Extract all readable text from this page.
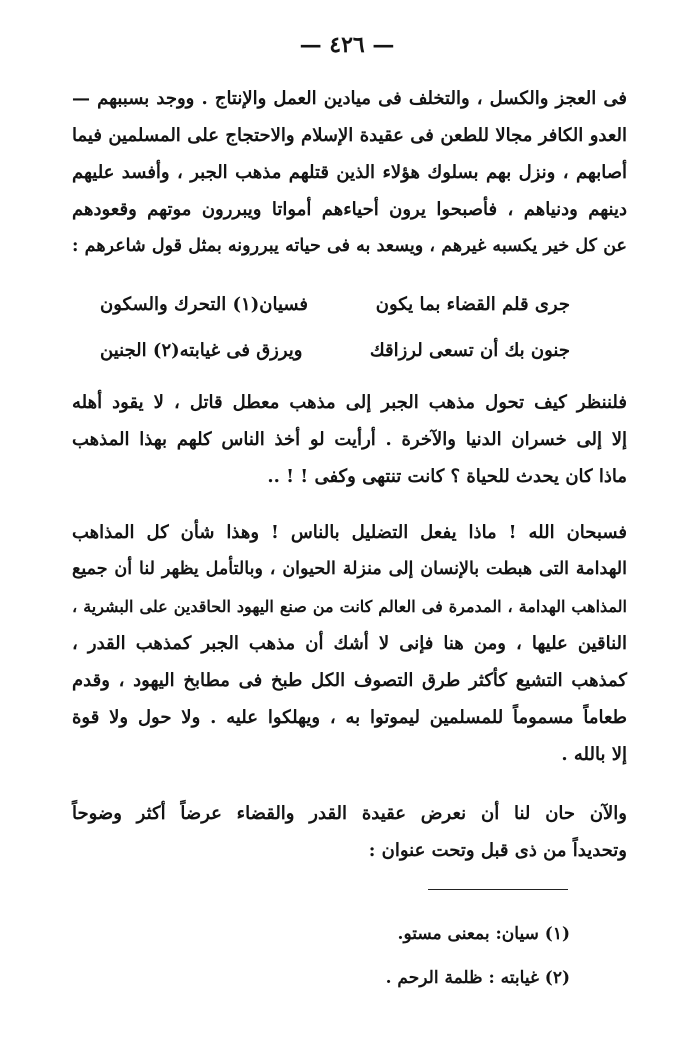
— ٤٢٦ —
فى العجز والكسل ، والتخلف فى ميادين العمل والإنتاج . ووجد بسببهم —
العدو الكافر مجالا للطعن فى عقيدة الإسلام والاحتجاج على المسلمين فيما
أصابهم ، ونزل بهم بسلوك هؤلاء الذين قتلهم مذهب الجبر ، وأفسد عليهم
دينهم ودنياهم ، فأصبحوا يرون أحياءهم أمواتا ويبررون موتهم وقعودهم
عن كل خير يكسبه غيرهم ، ويسعد به فى حياته يبررونه بمثل قول شاعرهم :
جرى قلم القضاء بما يكون
فسيان(١) التحرك والسكون
جنون بك أن تسعى لرزاقك
ويرزق فى غيابته(٢) الجنين
فلننظر كيف تحول مذهب الجبر إلى مذهب معطل قاتل ، لا يقود أهله
إلا إلى خسران الدنيا والآخرة . أرأيت لو أخذ الناس كلهم بهذا المذهب
ماذا كان يحدث للحياة ؟ كانت تنتهى وكفى ! ! ..
فسبحان الله ! ماذا يفعل التضليل بالناس ! وهذا شأن كل المذاهب
الهدامة التى هبطت بالإنسان إلى منزلة الحيوان ، وبالتأمل يظهر لنا أن جميع
المذاهب الهدامة ، المدمرة فى العالم كانت من صنع اليهود الحاقدين على البشرية ،
الناقين عليها ، ومن هنا فإنى لا أشك أن مذهب الجبر كمذهب القدر ،
كمذهب التشيع كأكثر طرق التصوف الكل طبخ فى مطابخ اليهود ، وقدم
طعاماً مسموماً للمسلمين ليموتوا به ، ويهلكوا عليه . ولا حول ولا قوة
إلا بالله .
والآن حان لنا أن نعرض عقيدة القدر والقضاء عرضاً أكثر وضوحاً
وتحديداً من ذى قبل وتحت عنوان :
(١) سيان: بمعنى مستو.
(٢) غيابته : ظلمة الرحم .
